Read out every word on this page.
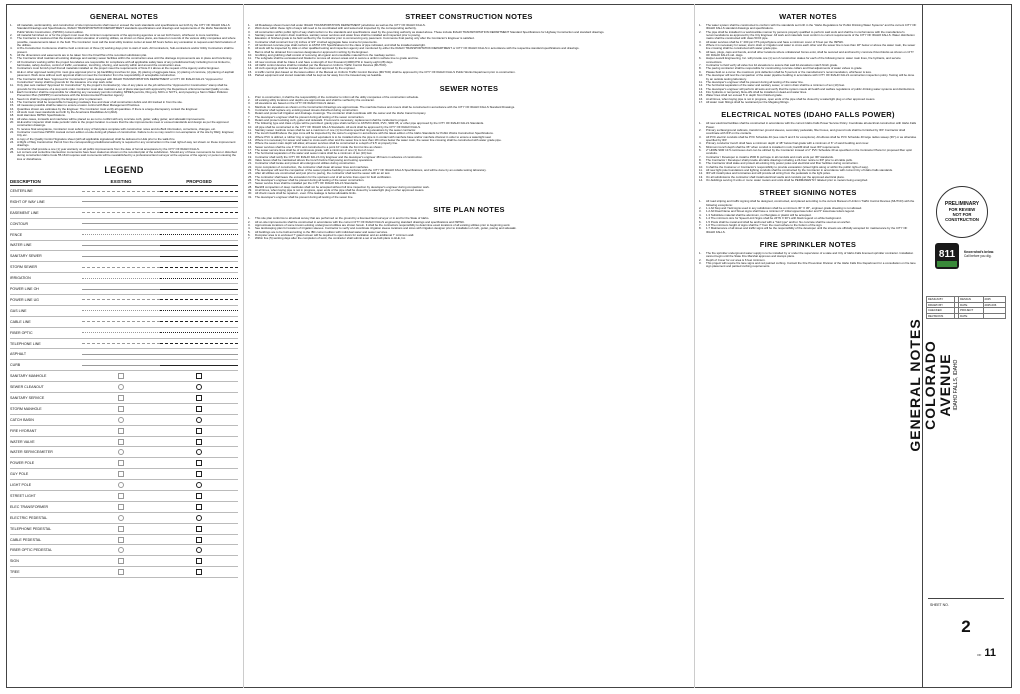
GENERAL NOTES
1.	All materials, workmanship, and construction of site improvements shall meet or exceed the work standards and specifications set forth by the CITY OF IDAHO FALLS Standard Drawings and Specifications, IDAHO TRANSPORTATION DEPARTMENT standards specifications and drawings and requirements of the Idaho Standards for Public Works Construction, (ISPWC) current edition.
2.	All material furnished on or for the project must meet the minimum requirements of the approving agencies or as set forth herein, whichever is more restrictive.
3.	The Contractor is cautioned that the location and/or elevation of existing utilities, as shown on these plans, are based on records of the various utility companies and where possible, measurements taken in the field. The Contractor must call the local utility location center at least 48 hours before any excavation to request exact field locations of the utilities.
4.	A Pre-Construction Conference shall be held a minimum of three (3) working days prior to start of work. All Contractors, Sub-contractors and/or Utility Contractors shall be present.
5.	All the dimensions and easements are to be taken from the Final Plat of the recorded subdivision plat.
6.	The Contractor shall maintain all existing drainage and sanitary sewer facilities within the construction area until the drainage improvements are in place and functioning.
7.	All Contractors working within the project boundaries are responsible for compliance with all applicable safety laws of any jurisdictional body including but not limited to, barricades, safety devices, control of traffic, excavation, trenching, shoring, and security within and around the construction area.
8.	Contractors must furnish proof that all materials installed on the project meet the requirements of Note # 1 above at the request of the Agency and/or Engineer.
9.	HLE or other approved testing firm must give approval prior to (a) backfilling trenches for pipe, (b) placing of aggregate base, (c) placing of concrete, (d) placing of asphalt pavement. Work done without such approval shall not meet the Contractor from the responsibility of acceptable construction.
10.	The Contractor shall have "Approved for Construction" plans stamped with IDAHO TRANSPORTATION DEPARTMENT or CITY OF IDAHO FALLS "Approved for Construction" stamp shall be grounds for the issuance of a stop work order.
11.	Only plan sets marked "Approved for Construction" by the project's Contractor(s). Use of any plans on the job without the "Approved for Construction" stamp shall be grounds for the issuance of a stop work order. Contractor must also maintain a set of plans stamped with approval by the Department of Environmental Quality on site.
12.	Each Contractor shall be responsible for obtaining any necessary permits including NPDES permits, filing any NOI's or NOT's, and preparing a Storm Water Pollution Prevention Plan (SWPPP) in accordance with the Environmental Protection Agency.
13.	Seed mix shall be preapproved by the Engineer prior to placement.
14.	The Contractor shall be responsible for keeping roadways free and clear of all construction debris and dirt tracked in from the site.
15.	All measures possible shall be taken to ensure erosion control with Best Management Practices.
16.	Quantities shown are estimates by the Engineer. The Contractor must verify all quantities. If there is a large discrepancy contact the Engineer.
17.	All work must meet standards set forth by the Americans Disabilities Act (ADA).
18.	Hold Harmless ISPWC Specifications.
19.	All valve cases, ironwells and manholes will be placed so as not to conflict with any concrete curb, gutter, valley gutter, and sidewalk improvements.
20.	HLE and/or inspector shall make periodic visits to the project location to ensure that the site improvements meet or exceed standards and design as per the approved construction drawings.
21.	To receive final acceptance, Contractor must submit copy of field plans complete with construction notes and As-Built information, corrections, changes, etc.
22.	Contractor must have ISPWC manual current edition on-site during all phases of construction. Failure to do so may result in non-acceptance of the site by DEQ, Engineer, City etc.
23.	A copy of the Quality Control Signature sheet (with all applicable signatures) shall be delivered to HLE prior to the walk-thru.
24.	A Right of Way Construction Permit from the corresponding jurisdictional authority is required for any construction in the road right-of-way not shown on these improvement drawings.
25.	Contractor shall provide a one (1) year warranty on all public improvements from the date of formal acceptance by the CITY OF IDAHO FALLS.
26.	Lot corners and centerline intersection monuments have been staked as shown on the recorded plat of the subdivision. Should any of these monuments be lost or disturbed during construction Idaho Code 55-1613 requires said monuments will be reestablished by a professional land surveyor at the expense of the agency or person causing the loss or disturbance.
LEGEND
DESCRIPTION	EXISTING	PROPOSED
CENTERLINE	

RIGHT OF WAY LINE	

EASEMENT LINE	

CONTOUR	

FENCE	

WATER LINE	

SANITARY SEWER	

STORM SEWER	

IRRIGATION	

POWER LINE OH	

POWER LINE UG	

GAS LINE	

CABLE LINE	

FIBER OPTIC	

TELEPHONE LINE	

ASPHALT	

CURB	

SANITARY MANHOLE	

SEWER CLEANOUT	

SANITARY SERVICE	

STORM MANHOLE	

CATCH BASIN	

FIRE HYDRANT	

WATER VALVE	

WATER SERVICE/METER	

POWER POLE	

GUY POLE	

LIGHT POLE	

STREET LIGHT	

ELEC TRANSFORMER	

ELECTRIC PEDESTAL	

TELEPHONE PEDESTAL	

CABLE PEDESTAL	

FIBER OPTIC PEDESTAL	

SIGN	

TREE	

STREET CONSTRUCTION NOTES
1.	All Roadways shown herein fall under IDAHO TRANSPORTATION DEPARTMENT jurisdiction as well as the CITY OF IDAHO FALLS.
2.	Work done within these right of ways will need to be coordinated with and tested and inspected by the corresponding authority.
3.	All construction within public right of way shall conform to the standards and specifications used by the governing authority as stated above. These include IDAHO TRANSPORTATION DEPARTMENT Standard Specifications for Highway Construction and standard drawings.
4.	Sanitary sewer and storm drain mainlines, sanitary sewer services and water lines shall be installed and inspected prior to paving.
5.	Elevation of finished grade to be field verified by the Contractor prior to commencing any pavement. Commence final paving only after the Contractor's Engineer is satisfied.
6.	Contractor shall construct four (4) inches of 3/4" crushed aggregate base course for pavements.
7.	All reinforced concrete pipe shall conform to ASTM C76 Specifications for the class of pipe indicated, and shall be installed watertight.
8.	All work will be inspected by HLE or other qualified testing and inspection agency and monitored by either the IDAHO TRANSPORTATION DEPARTMENT or CITY OF IDAHO FALLS in accordance with the respective standard specifications and drawings.
9.	Berms shall be obtained from sources designated or approved in writing by the Engineer.
10.	Grubbing and grubbing shall consist of removing all organic and unsuitable material from the roadway section.
11.	The subgrade shall be excavated and bladed to remove all uneven areas and to secure a uniform surface true to grade and line.
12.	All new concrete shall be Class 4 and have a strength of four thousand (4000) PSI in twenty-eight (28) days.
13.	All traffic control devices shall be installed per the Manual on Uniform Traffic Control Devices (MUTCD).
14.	All curb openings shall be located per the plans and approved by the engineer.
15.	A traffic control plan based on the latest edition of the Manual on Uniform Traffic Control Devices (MUTCD) shall be approved by the CITY OF IDAHO FALLS Public Works Department prior to construction.
16.	Parked equipment and stored materials shall be kept as far away from the traveled way as feasible.
SEWER NOTES
1.	Prior to construction, it shall be the responsibility of the contractor to inform all the utility companies of the construction schedule.
2.	All existing utility locations and depths are approximate and shall be verified by the contractor.
3.	All elevations are based on the CITY OF IDAHO FALLS datum.
4.	Manhole rim elevations as shown on the Construction Drawings are approximate. The manhole frames and covers shall be constructed in accordance with the CITY OF IDAHO FALLS Standard Drawings.
5.	Contractor shall replace any existing paved streets disturbed during construction.
6.	Retain and protect all irrigation and drainage crossings. The contractor shall coordinate with the owner and the Idaho Canal Company.
7.	The developer's engineer shall be present during all testing of the sewer construction.
8.	Retain and protect existing curb, gutter and sidewalk. If removal is necessary, replacement shall be incidental to project.
9.	The following type and class of pipe will be permitted: gravity pipe shall conform to ASTM D-3034, PVC, SDR 35, or other pipe approved by the CITY OF IDAHO FALLS Standards.
10.	All pipe shall be constructed to the CITY OF IDAHO FALLS Standards. All work shall be approved by the CITY OF IDAHO FALLS.
11.	Sanitary sewer manhole cones shall be set a maximum of one (1) foot below specified ring elevations by the sewer contractor.
12.	The trench backfill above the pipe zone will be inspected by the owner's engineer in accordance with the latest edition of the Idaho Standards for Public Works Construction Specifications.
13.	Where PVC is utilized, a rubber ring or approved equivalent is to be installed where the pipe is in contact with manhole base and/or manhole channel in order to ensure a watertight seal.
14.	Where it is necessary for sewer and water to cross each other and the sewer line is less than 18 inches below the water main, the sewer line crossing shall be constructed with water grade pipe.
15.	Where the sewer main depth will allow, all sewer services shall be constructed to a depth of 9.5' at property line.
16.	Sewer services shall be one 4" PVC and constructed to a point 10' inside the front lot line as shown.
17.	The sewer service lines shall be of continuous grade, with a minimum of one (1) foot of cover.
18.	The horizontal separation of the water and sewer mains shall be a minimum of ten (10) feet.
19.	Contractor shall notify the CITY OF IDAHO FALLS City Engineer and the developer's engineer 48 hours in advance of construction.
20.	Valve boxes shall be maintained above the trench before final paving and testing operations.
21.	Contractor shall locate and protect all underground utilities during construction.
22.	Upon completion of construction, the contractor shall clean all sewer lines and manholes.
23.	The developer will test the compaction of the sewer pipeline bedding in accordance with the CITY OF IDAHO FALLS Specifications, and will be done by an outside testing laboratory.
24.	After all utilities are constructed and just prior to paving, the contractor shall test the sewer with an air test.
25.	The contractor shall leave the excavation for the upstream end of all service lines open for field verification.
26.	The developer's engineer shall be present during all testing of the sewer construction.
27.	Sewer service lines shall be installed per the CITY OF IDAHO FALLS Standards.
28.	Backfill compaction of deep manholes shall not be accepted without full time inspection by developer's engineer during compaction work.
29.	At all times, when laying pipe is not in progress, open ends of the pipe shall be closed by a watertight plug or other approved means.
30.	All check meets shall be repaired - even if the leakage is below allowable limits.
31.	The developer's engineer shall be present during all testing of the sewer line.
SITE PLAN NOTES
1.	This site plan conforms to all actual survey that are performed on the ground by a licensed land surveyor or in and for the State of Idaho.
2.	All on-site improvements shall be constructed in accordance with the current CITY OF IDAHO FALLS engineering standard drawings and specifications and ISPWC.
3.	Approximate locations of some known existing underground utilities are shown herein. It shall be the contractors responsibility to determine exact locations of all existing utilities prior to beginning work.
4.	See landscaping plan for location of irrigation sleeves. Contractor to verify and coordinate irrigation sleeve locations and sizes with irrigation designer prior to installation of curb, gutter, paving and sidewalk.
5.	All buildings are to be built according to the IBC current edition with individual water and sewer services.
6.	Dumpster area is to enclosed 7' gated screen will be required to open doors for sanitation and an additional 7' minimum wall.
7.	Within five (5) working days after the completion of work, the contractor shall submit a set of as-built plans to HLE, Inc.
WATER NOTES
1.	The water system shall be constructed to conform with the standards set forth in the "Idaho Regulations for Public Drinking Water Systems" and the current CITY OF IDAHO FALLS standard drawings and specifications.
2.	The pipe shall be installed in a workmanlike manner by persons properly qualified to perform said work and shall be in conformance with the manufacturer's recommendations as approved by the City Engineer. All work and materials must conform to current requirements of the CITY OF IDAHO FALLS. Water distribution mains shall be constructed with class 50 DI pipe.
3.	All water services shall be 1" 200 psi CTS polyethylene and have a minimum cover of 6 feet per the ISPWC.
4.	Where it is necessary for sewer, storm drain or irrigation and water to cross each other and the sewer line is less than 18" below or above the water main, the sewer line crossing shall be constructed with water grade pipe.
5.	All tees, plugs, caps and bends, and all other locations where unbalanced forces exist, shall be secured and anchored by concrete thrust blocks as shown on CITY OF IDAHO FALLS std. dwgs.
6.	Harper-Leavitt Engineering, Inc. will provide one (1) set of construction stakes for each of the following items: water main lines, fire hydrants, and service connections.
7.	Contractor to field verify all valve box lid elevations to assure that said lid elevations match finish grade.
8.	The paving contractor shall be responsible for constructing concrete collars and final adjustments of water valves to grade.
9.	Please field on a curve: the maximum joint deflection shall be 5 percent or the manufacturer's recommendation, whichever is less.
10.	The developer will test the compaction of the water pipeline bedding in accordance with CITY OF IDAHO FALLS construction inspection policy. Testing will be done by an outside testing laboratory.
11.	The developer's engineer shall be present during all testing of the water line.
12.	The horizontal separation of the water and sanitary sewer, or storm drain shall be a minimum of ten (10) feet.
13.	The developer's engineer will perform all tests and verify that the system meets all health and welfare regulations of public drinking water systems and disinfections.
14.	Fire hydrants or temporary blow-offs shall be installed on dead-end water lines.
15.	Water lines shall not exceed 5' in depth from finished grade.
16.	At all times, when laying pipe is not in progress, open ends of the pipe shall be closed by a watertight plug or other approved means.
17.	All water main fittings shall be restrained per the Megalug fittings.
ELECTRICAL NOTES (IDAHO FALLS POWER)
1.	All new electrical facilities shall be constructed in accordance with the current Idaho Falls Power Service Policy. Coordinate all electrical construction with Idaho Falls Power.
2.	Primary surface/ground cabinets, transformer ground sleeves, secondary pedestals, fiber boxes, and ground rods shall be furnished by IFP. Contractor shall coordinate with IFP on the contacts.
3.	All PVC electric conduits shall be PVC Schedule 40 (see note 5 and 6 for exceptions). All elbows shall be PVC Schedule 40 large radius sweep (36") or as otherwise specified by IFP.
4.	Primary conductor trench shall have a minimum depth of 48" below final grade with a minimum of 6" of sand bedding and cover.
5.	Minimum trench depth shall be 36" when conduit is installed in rock; backfill shall meet IFP requirements.
6.	2" HDPE SDR 13.5 continuous duct can be utilized by the Contractor instead of 2" PVC Schedule 40 as specified on the Contractor Plans for proposed fiber optic conduits.
7.	Contractor / Developer to install a 2500 lb pull tape in all conduits and mark ends per IFP standards.
8.	The Contractor / Developer shall provide all cable drawings including a 24-hour notice to IFP prior to all cable pulls.
9.	The Contractor shall stake and protect all existing City power poles and electrical and fiber facilities during construction.
10.	It shall be the Customer or Contractor's responsibility to provide excavation (street lights along or within the public right-of-way).
11.	All new light pole foundations and lighting conduits shall be constructed by the Contractor in accordance with current City of Idaho Falls standards.
12.	IFP will install poles and luminaires and will provide all wiring from the pedestals to the light poles.
13.	On all subdivisions the contractor shall install electrical vaults and conduits per the approved electrical plans.
14.	On-buildings serving 3 units or more: water meters and units shall be PERMANENTLY labeled prior to meters being energized.
STREET SIGNING NOTES
1.	All road striping and traffic signing shall be designed, constructed, and placed according to the current Manual of Uniform Traffic Control Devices (MUTCD) with the following exceptions:
2.	1.1 All Stop and Yield signs used in any subdivision shall be a minimum 30" X 30", engineer grade sheeting is not allowed.
3.	1.2 All Road Name and Street signs shall have a minimum 6" initial uppercase letter and 5" lowercase letters legend.
4.	1.3 Substitute material shall be aluminum, no fiberglass or plastic will be accepted.
5.	1.4 The minimum size for Speed Limit Signs shall be 24"W X 30"L with black legend on white background.
6.	1.5 Posts shall be metal and shall be anchored with a "fold type" anchor. No concrete shall be used as an anchor.
7.	1.6 The minimum height of signs shall be 7' from the road surface to the bottom of the sign.
8.	1.7 Maintenance of all street and traffic signs will be the responsibility of the developer until the streets are officially accepted for maintenance by the CITY OF IDAHO FALLS.
FIRE SPRINKLER NOTES
1.	The fire sprinkler underground water supply is to be installed by or under the supervision of a state and City of Idaho Falls licensed sprinkler contractor. Installation cannot begin until the State Fire Marshal approves and stamps plans.
2.	Depth of Cover for our area is 6 feet minimum.
3.	This project will require fire lane signs and red painted curbing. Contact the Fire Prevention Division of the Idaho Falls Fire Department for a consultation on fire lane sign placement and painted curbing requirements.
PRELIMINARY
FOR REVIEW
NOT FOR
CONSTRUCTION
811	Know what's below.
Call before you dig.
DESIGN BY		DESIGN	2025
DRAWN BY		DATE	2025-006
CHECKED		PROJECT	
REVISIONS		DATE	
GENERAL NOTES COLORADO AVENUE IDAHO FALLS, IDAHO
SHEET NO.
2
OF 11
